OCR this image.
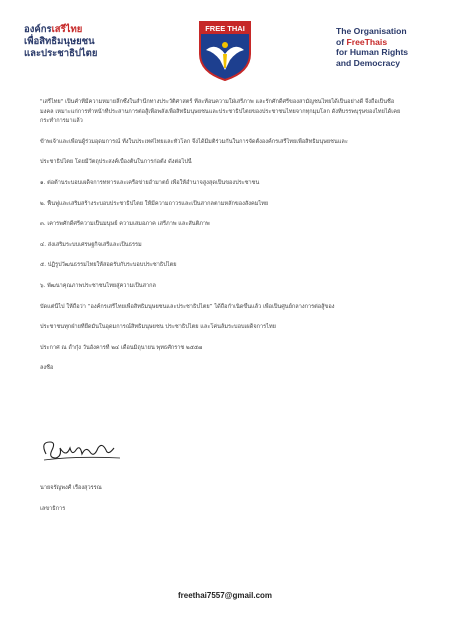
องค์กรเสรีไทย
เพื่อสิทธิมนุษยชน
และประชาธิปไตย
FREE THAI	The Organisation
of FreeThais
for Human Rights
and Democracy
"เสรีไทย" เป็นคำที่มีความหมายลึกซึ้งในสำนึกทางประวัติศาสตร์ ที่สะท้อนความใฝ่เสรีภาพ และรักศักดิ์ศรีของสามัญชนไทยได้เป็นอย่างดี จึงถือเป็นชื่อ
มงคล เหมาะแก่การทำหน้าที่ประสานการต่อสู้เพื่อพลังเพื่อสิทธิมนุษยชนและประชาธิปไตยของประชาชนไทยจากทุกมุมโลก ดังที่บรรพบุรุษของไทยได้เคย
กระทำการมาแล้ว
ข้าพเจ้าและเพื่อนผู้ร่วมอุดมการณ์ ทั้งในประเทศไทยและทั่วโลก จึงได้มีมติร่วมกันในการจัดตั้งองค์กรเสรีไทยเพื่อสิทธิมนุษยชนและ
ประชาธิปไตย โดยมีวัตถุประสงค์เบื้องต้นในการก่อตั้ง ดังต่อไปนี้
๑. ต่อต้านระบอบเผด็จการทหารและเครือข่ายอำมาตย์ เพื่อให้อำนาจสูงสุดเป็นของประชาชน
๒. ฟื้นฟูและเสริมสร้างระบอบประชาธิปไตย ให้มีความถาวรและเป็นสากลตามหลักของสังคมไทย
๓. เคารพศักดิ์ศรีความเป็นมนุษย์ ความเสมอภาค เสรีภาพ และสันติภาพ
๔. ส่งเสริมระบบเศรษฐกิจเสรีและเป็นธรรม
๕. ปฏิรูปวัฒนธรรมไทยให้สอดรับกับระบอบประชาธิปไตย
๖. พัฒนาคุณภาพประชาชนไทยสู่ความเป็นสากล
บัดแต่นี้ไป ให้ถือว่า “องค์กรเสรีไทยเพื่อสิทธิมนุษยชนและประชาธิปไตย” ได้ถือกำเนิดขึ้นแล้ว เพื่อเป็นศูนย์กลางการต่อสู้ของ
ประชาชนทุกฝ่ายที่ยึดมั่นในอุดมการณ์สิทธิมนุษยชน ประชาธิปไตย และโค่นล้มระบอบเผด็จการไทย
ประกาศ ณ ถ้ำกุ๋ง วันอังคารที่ ๒๔ เดือนมิถุนายน พุทธศักราช ๒๕๕๗
ลงชื่อ
นายจรัญพงศ์ เรืองสุวรรณ
เลขาธิการ
freethai7557@gmail.com
